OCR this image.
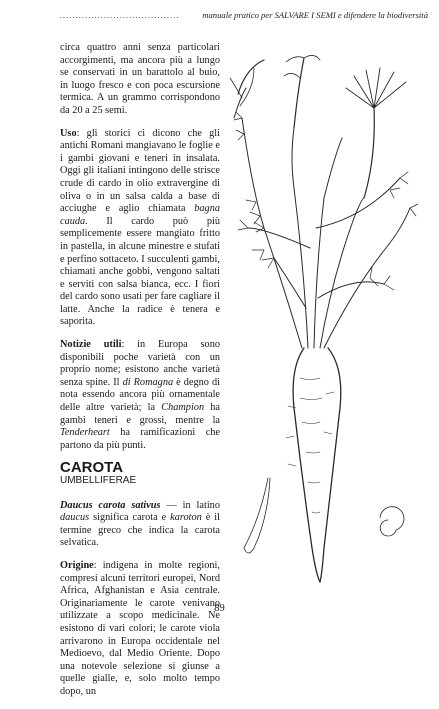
......................................	manuale pratico per SALVARE I SEMI e difendere la biodiversità

circa quattro anni senza particolari accorgimenti, ma ancora più a lungo se conservati in un barattolo al buio, in luogo fresco e con poca escursione termica. A un grammo corrispondono da 20 a 25 semi.

Uso: gli storici ci dicono che gli antichi Romani mangiavano le foglie e i gambi giovani e teneri in insalata. Oggi gli italiani intingono delle strisce crude di cardo in olio extravergine di oliva o in un salsa calda a base di acciughe e aglio chiamata bagna cauda. Il cardo può più semplicemente essere mangiato fritto in pastella, in alcune minestre e stufati e perfino sottaceto. I succulenti gambi, chiamati anche gobbi, vengono saltati e serviti con salsa bianca, ecc. I fiori del cardo sono usati per fare cagliare il latte. Anche la radice è tenera e saporita.

Notizie utili: in Europa sono disponibili poche varietà con un proprio nome; esistono anche varietà senza spine. Il di Romagna è degno di nota essendo ancora più ornamentale delle altre varietà; la Champion ha gambi teneri e grossi, mentre la Tenderheart ha ramificazioni che partono da più punti.

CAROTA
UMBELLIFERAE

Daucus carota sativus — in latino daucus significa carota e karoton è il termine greco che indica la carota selvatica.

Origine: indigena in molte regioni, compresi alcuni territori europei, Nord Africa, Afghanistan e Asia centrale. Originariamente le carote venivano utilizzate a scopo medicinale. Ne esistono di vari colori; le carote viola arrivarono in Europa occidentale nel Medioevo, dal Medio Oriente. Dopo una notevole selezione si giunse a quelle gialle, e, solo molto tempo dopo, un

89
